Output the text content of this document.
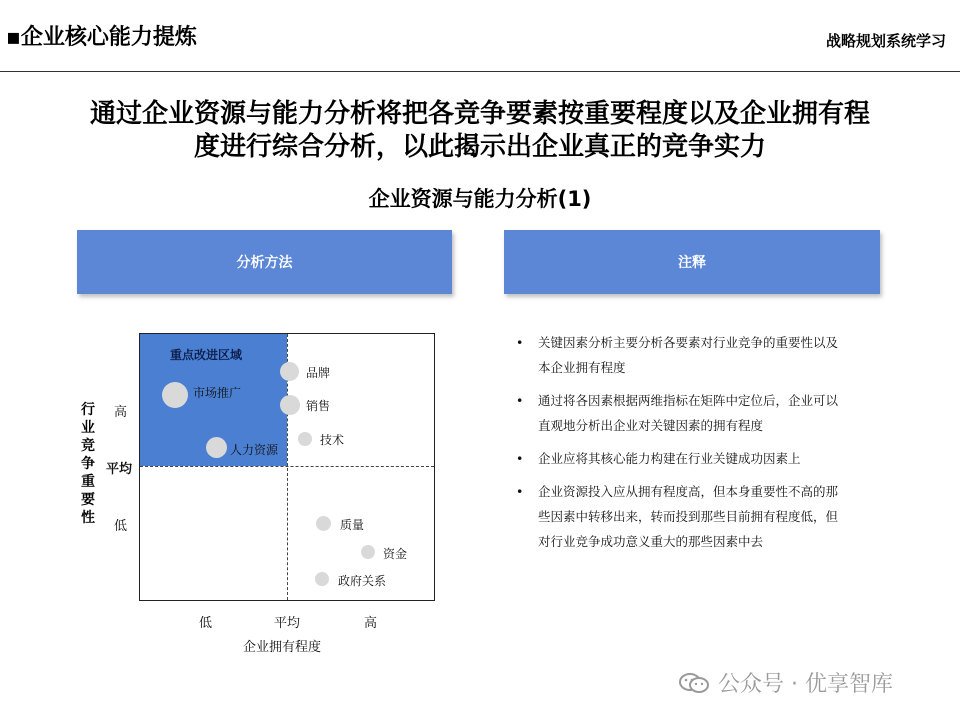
▪企业核心能力提炼	战略规划系统学习
通过企业资源与能力分析将把各竞争要素按重要程度以及企业拥有程
度进行综合分析，以此揭示出企业真正的竞争实力
企业资源与能力分析(1)
分析方法	注释
重点改进区域
品牌
市场推广
销售
技术
人力资源
质量
资金
政府关系
行
业
竞
争
重
要
性
高
平均
低
低	平均	高
企业拥有程度
• 关键因素分析主要分析各要素对行业竞争的重要性以及
本企业拥有程度
• 通过将各因素根据两维指标在矩阵中定位后，企业可以
直观地分析出企业对关键因素的拥有程度
• 企业应将其核心能力构建在行业关键成功因素上
• 企业资源投入应从拥有程度高，但本身重要性不高的那
些因素中转移出来，转而投到那些目前拥有程度低，但
对行业竞争成功意义重大的那些因素中去
公众号 · 优享智库
